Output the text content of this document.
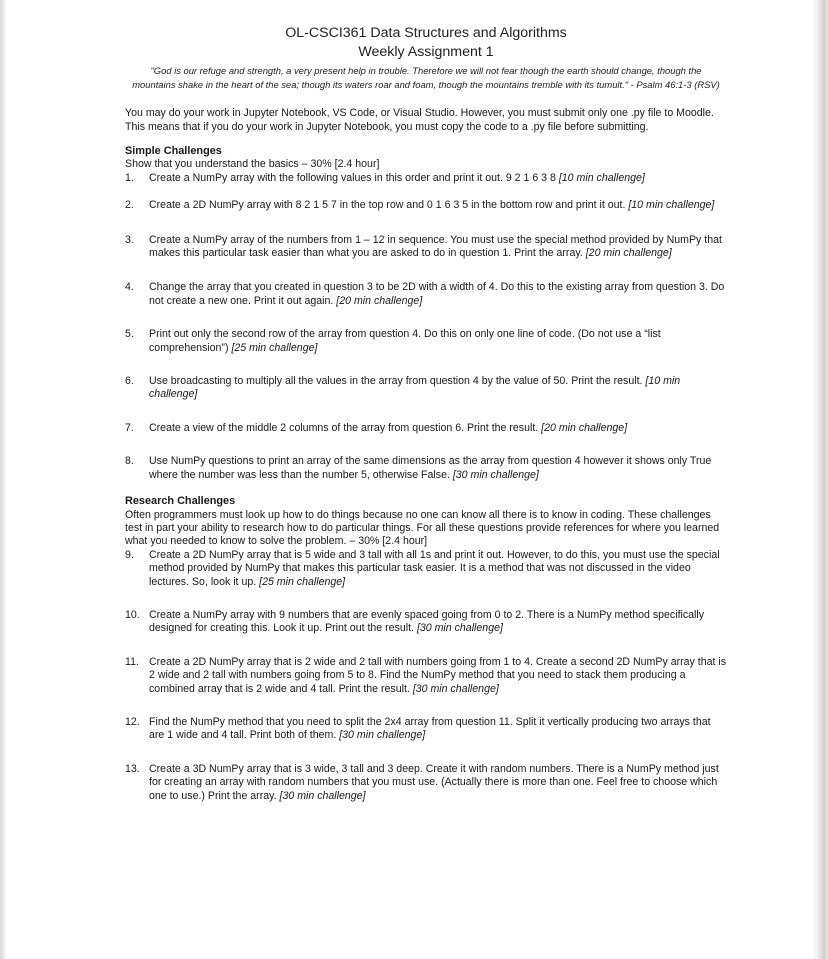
OL-CSCI361 Data Structures and Algorithms
Weekly Assignment 1
"God is our refuge and strength, a very present help in trouble. Therefore we will not fear though the earth should change, though the mountains shake in the heart of the sea; though its waters roar and foam, though the mountains tremble with its tumult." - Psalm 46:1-3 (RSV)
You may do your work in Jupyter Notebook, VS Code, or Visual Studio. However, you must submit only one .py file to Moodle. This means that if you do your work in Jupyter Notebook, you must copy the code to a .py file before submitting.
Simple Challenges
Show that you understand the basics – 30% [2.4 hour]
1. Create a NumPy array with the following values in this order and print it out. 9 2 1 6 3 8 [10 min challenge]
2. Create a 2D NumPy array with 8 2 1 5 7 in the top row and 0 1 6 3 5 in the bottom row and print it out. [10 min challenge]
3. Create a NumPy array of the numbers from 1 – 12 in sequence. You must use the special method provided by NumPy that makes this particular task easier than what you are asked to do in question 1. Print the array. [20 min challenge]
4. Change the array that you created in question 3 to be 2D with a width of 4. Do this to the existing array from question 3. Do not create a new one. Print it out again. [20 min challenge]
5. Print out only the second row of the array from question 4. Do this on only one line of code. (Do not use a “list comprehension”) [25 min challenge]
6. Use broadcasting to multiply all the values in the array from question 4 by the value of 50. Print the result. [10 min challenge]
7. Create a view of the middle 2 columns of the array from question 6. Print the result. [20 min challenge]
8. Use NumPy questions to print an array of the same dimensions as the array from question 4 however it shows only True where the number was less than the number 5, otherwise False. [30 min challenge]
Research Challenges
Often programmers must look up how to do things because no one can know all there is to know in coding. These challenges test in part your ability to research how to do particular things. For all these questions provide references for where you learned what you needed to know to solve the problem. – 30% [2.4 hour]
9. Create a 2D NumPy array that is 5 wide and 3 tall with all 1s and print it out. However, to do this, you must use the special method provided by NumPy that makes this particular task easier. It is a method that was not discussed in the video lectures. So, look it up. [25 min challenge]
10. Create a NumPy array with 9 numbers that are evenly spaced going from 0 to 2. There is a NumPy method specifically designed for creating this. Look it up. Print out the result. [30 min challenge]
11. Create a 2D NumPy array that is 2 wide and 2 tall with numbers going from 1 to 4. Create a second 2D NumPy array that is 2 wide and 2 tall with numbers going from 5 to 8. Find the NumPy method that you need to stack them producing a combined array that is 2 wide and 4 tall. Print the result. [30 min challenge]
12. Find the NumPy method that you need to split the 2x4 array from question 11. Split it vertically producing two arrays that are 1 wide and 4 tall. Print both of them. [30 min challenge]
13. Create a 3D NumPy array that is 3 wide, 3 tall and 3 deep. Create it with random numbers. There is a NumPy method just for creating an array with random numbers that you must use. (Actually there is more than one. Feel free to choose which one to use.) Print the array. [30 min challenge]
